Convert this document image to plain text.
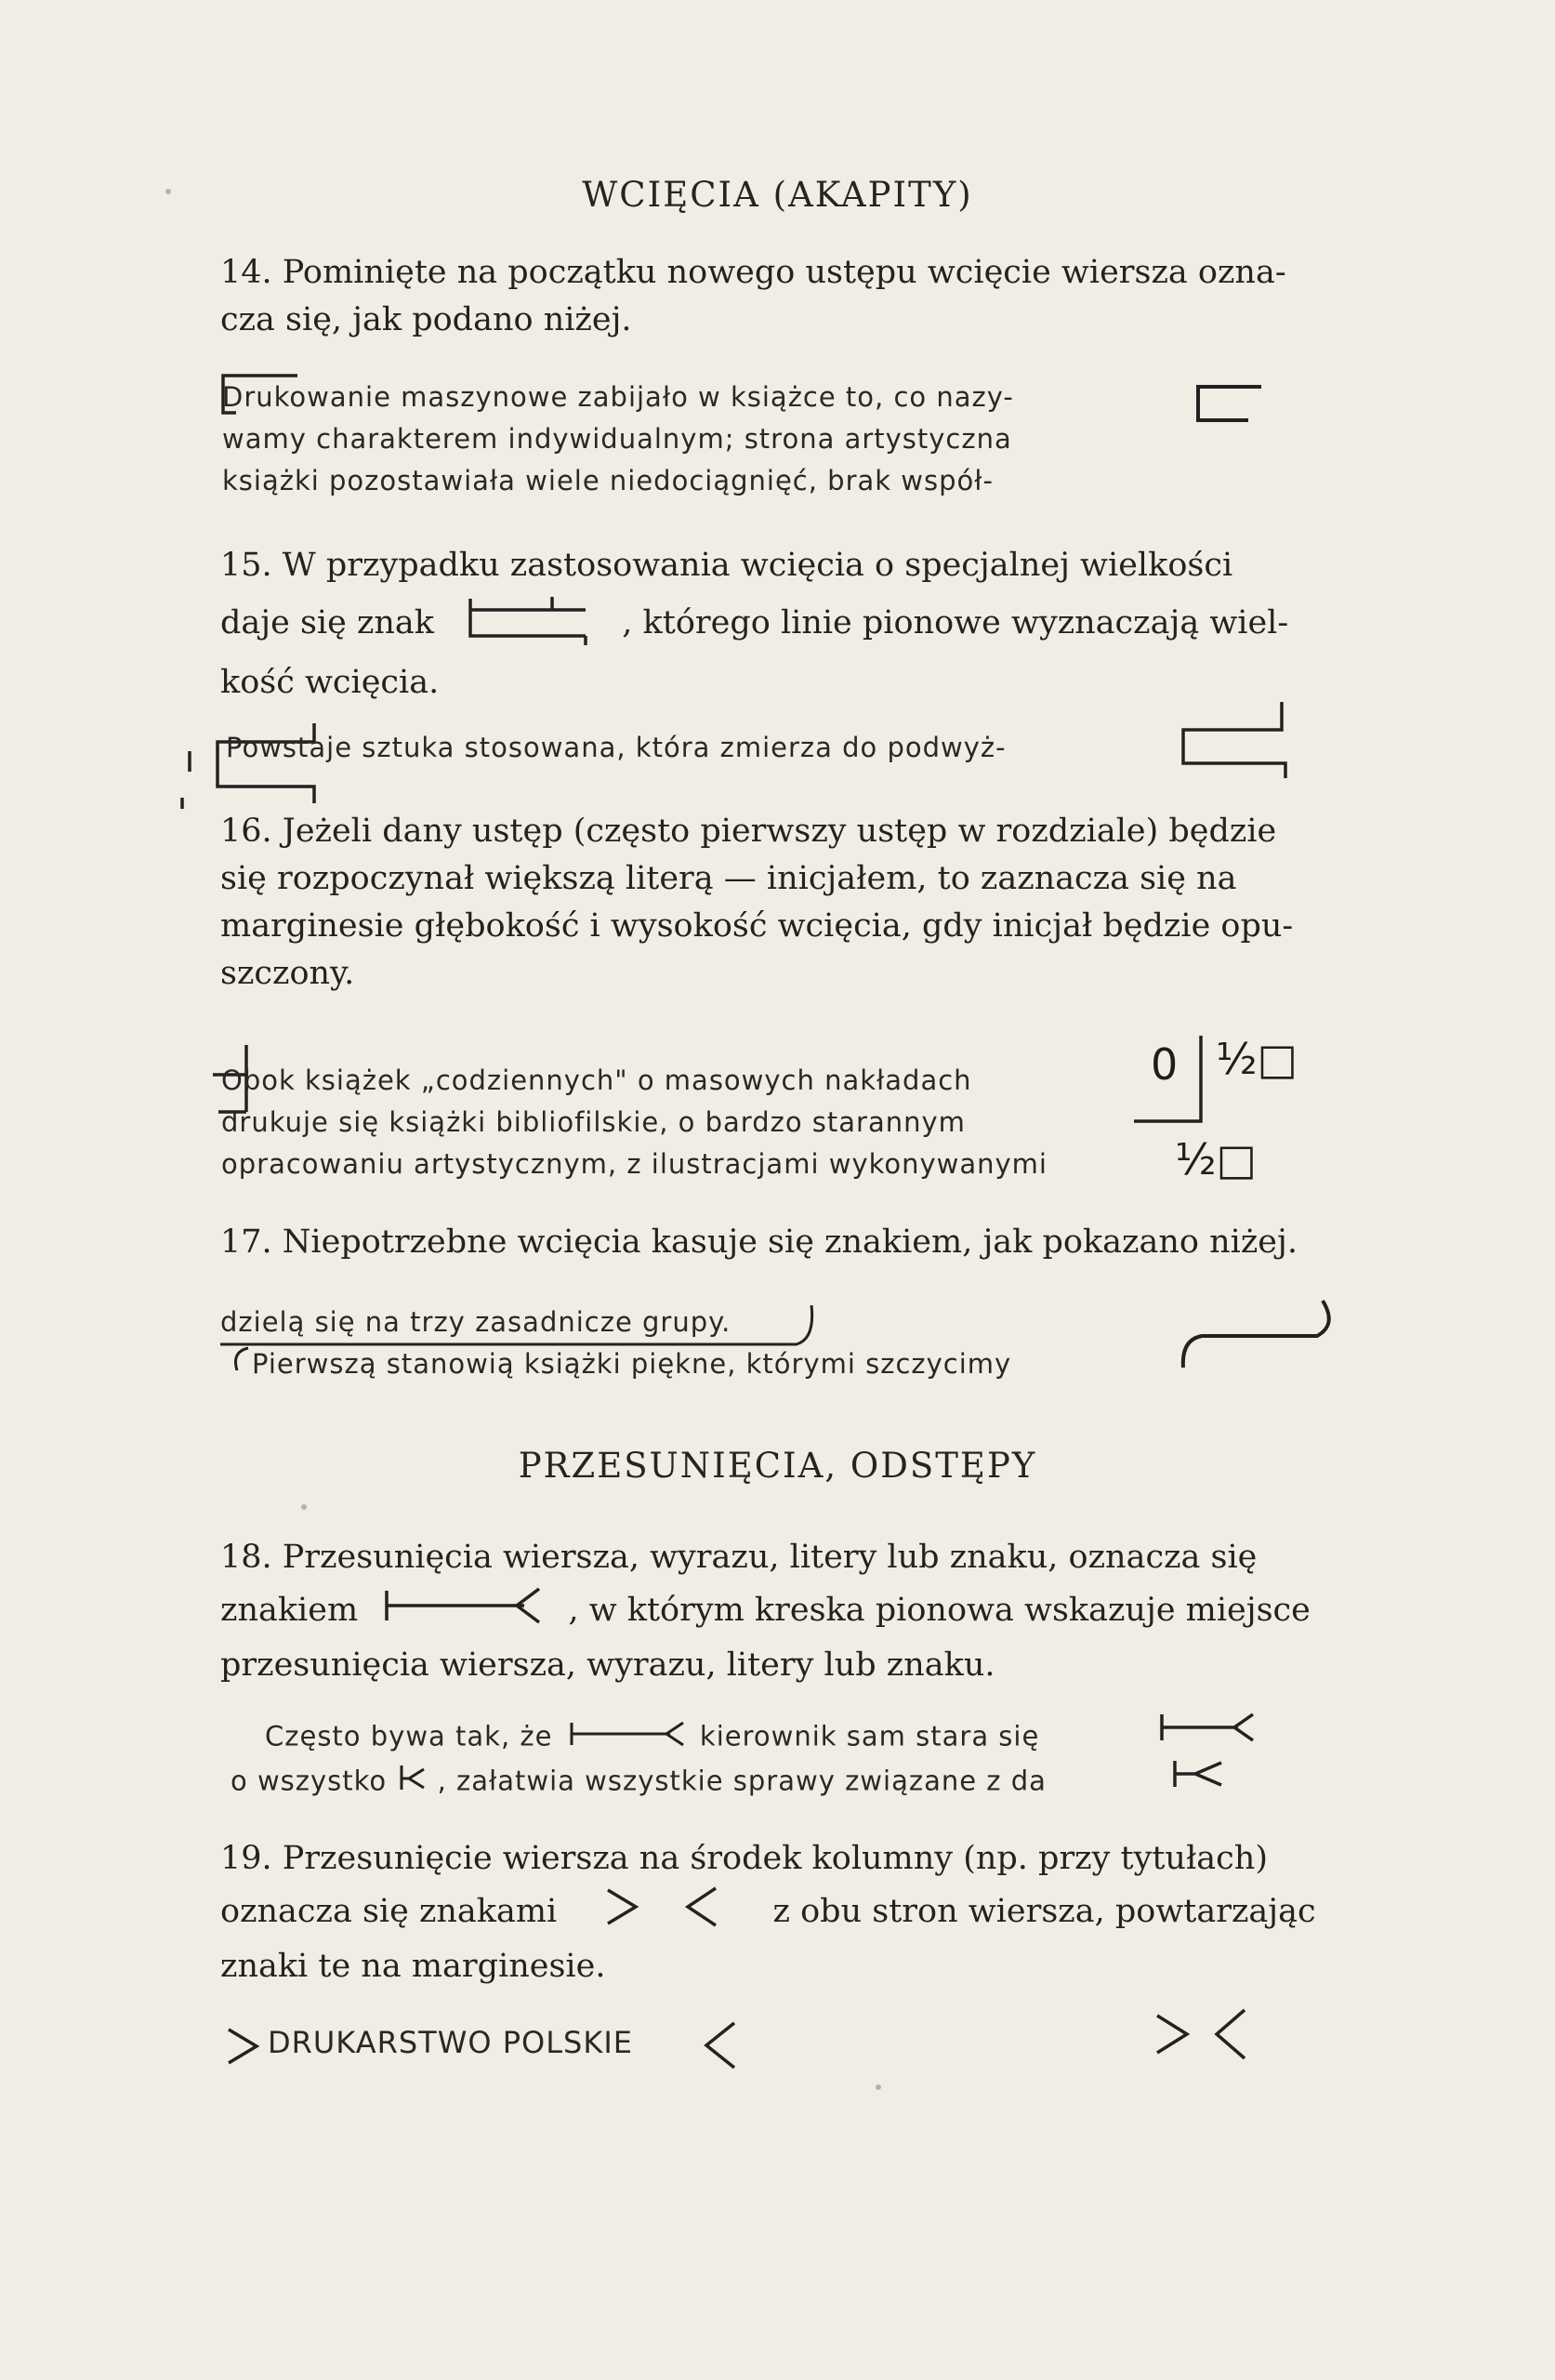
WCIĘCIA (AKAPITY)
14. Pominięte na początku nowego ustępu wcięcie wiersza ozna-
cza się, jak podano niżej.
Drukowanie maszynowe zabijało w książce to, co nazy-
wamy charakterem indywidualnym; strona artystyczna
książki pozostawiała wiele niedociągnięć, brak współ-
15. W przypadku zastosowania wcięcia o specjalnej wielkości
daje się znak	, którego linie pionowe wyznaczają wiel-
kość wcięcia.
Powstaje sztuka stosowana, która zmierza do podwyż-
16. Jeżeli dany ustęp (często pierwszy ustęp w rozdziale) będzie
się rozpoczynał większą literą — inicjałem, to zaznacza się na
marginesie głębokość i wysokość wcięcia, gdy inicjał będzie opu-
szczony.
Obok książek „codziennych" o masowych nakładach
drukuje się książki bibliofilskie, o bardzo starannym
opracowaniu artystycznym, z ilustracjami wykonywanymi
0 ½□
½□
17. Niepotrzebne wcięcia kasuje się znakiem, jak pokazano niżej.
dzielą się na trzy zasadnicze grupy.
Pierwszą stanowią książki piękne, którymi szczycimy
PRZESUNIĘCIA, ODSTĘPY
18. Przesunięcia wiersza, wyrazu, litery lub znaku, oznacza się
znakiem	, w którym kreska pionowa wskazuje miejsce
przesunięcia wiersza, wyrazu, litery lub znaku.
Często bywa tak, że	kierownik sam stara się
o wszystko , załatwia wszystkie sprawy związane z da
19. Przesunięcie wiersza na środek kolumny (np. przy tytułach)
oznacza się znakami	z obu stron wiersza, powtarzając
znaki te na marginesie.
DRUKARSTWO POLSKIE
